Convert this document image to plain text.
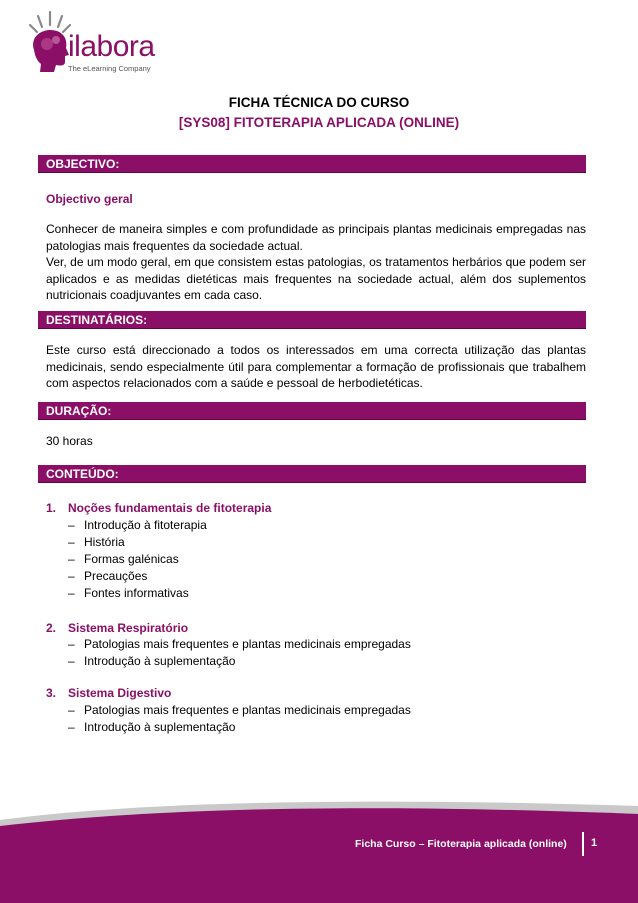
ilabora
The eLearning Company
FICHA TÉCNICA DO CURSO
[SYS08] FITOTERAPIA APLICADA (ONLINE)
OBJECTIVO:
Objectivo geral
Conhecer de maneira simples e com profundidade as principais plantas medicinais empregadas nas patologias mais frequentes da sociedade actual.
Ver, de um modo geral, em que consistem estas patologias, os tratamentos herbários que podem ser aplicados e as medidas dietéticas mais frequentes na sociedade actual, além dos suplementos nutricionais coadjuvantes em cada caso.
DESTINATÁRIOS:
Este curso está direccionado a todos os interessados em uma correcta utilização das plantas medicinais, sendo especialmente útil para complementar a formação de profissionais que trabalhem com aspectos relacionados com a saúde e pessoal de herbodietéticas.
DURAÇÃO:
30 horas
CONTEÚDO:
1. Noções fundamentais de fitoterapia
– Introdução à fitoterapia
– História
– Formas galénicas
– Precauções
– Fontes informativas
2. Sistema Respiratório
– Patologias mais frequentes e plantas medicinais empregadas
– Introdução à suplementação
3. Sistema Digestivo
– Patologias mais frequentes e plantas medicinais empregadas
– Introdução à suplementação
Ficha Curso – Fitoterapia aplicada (online) 1
